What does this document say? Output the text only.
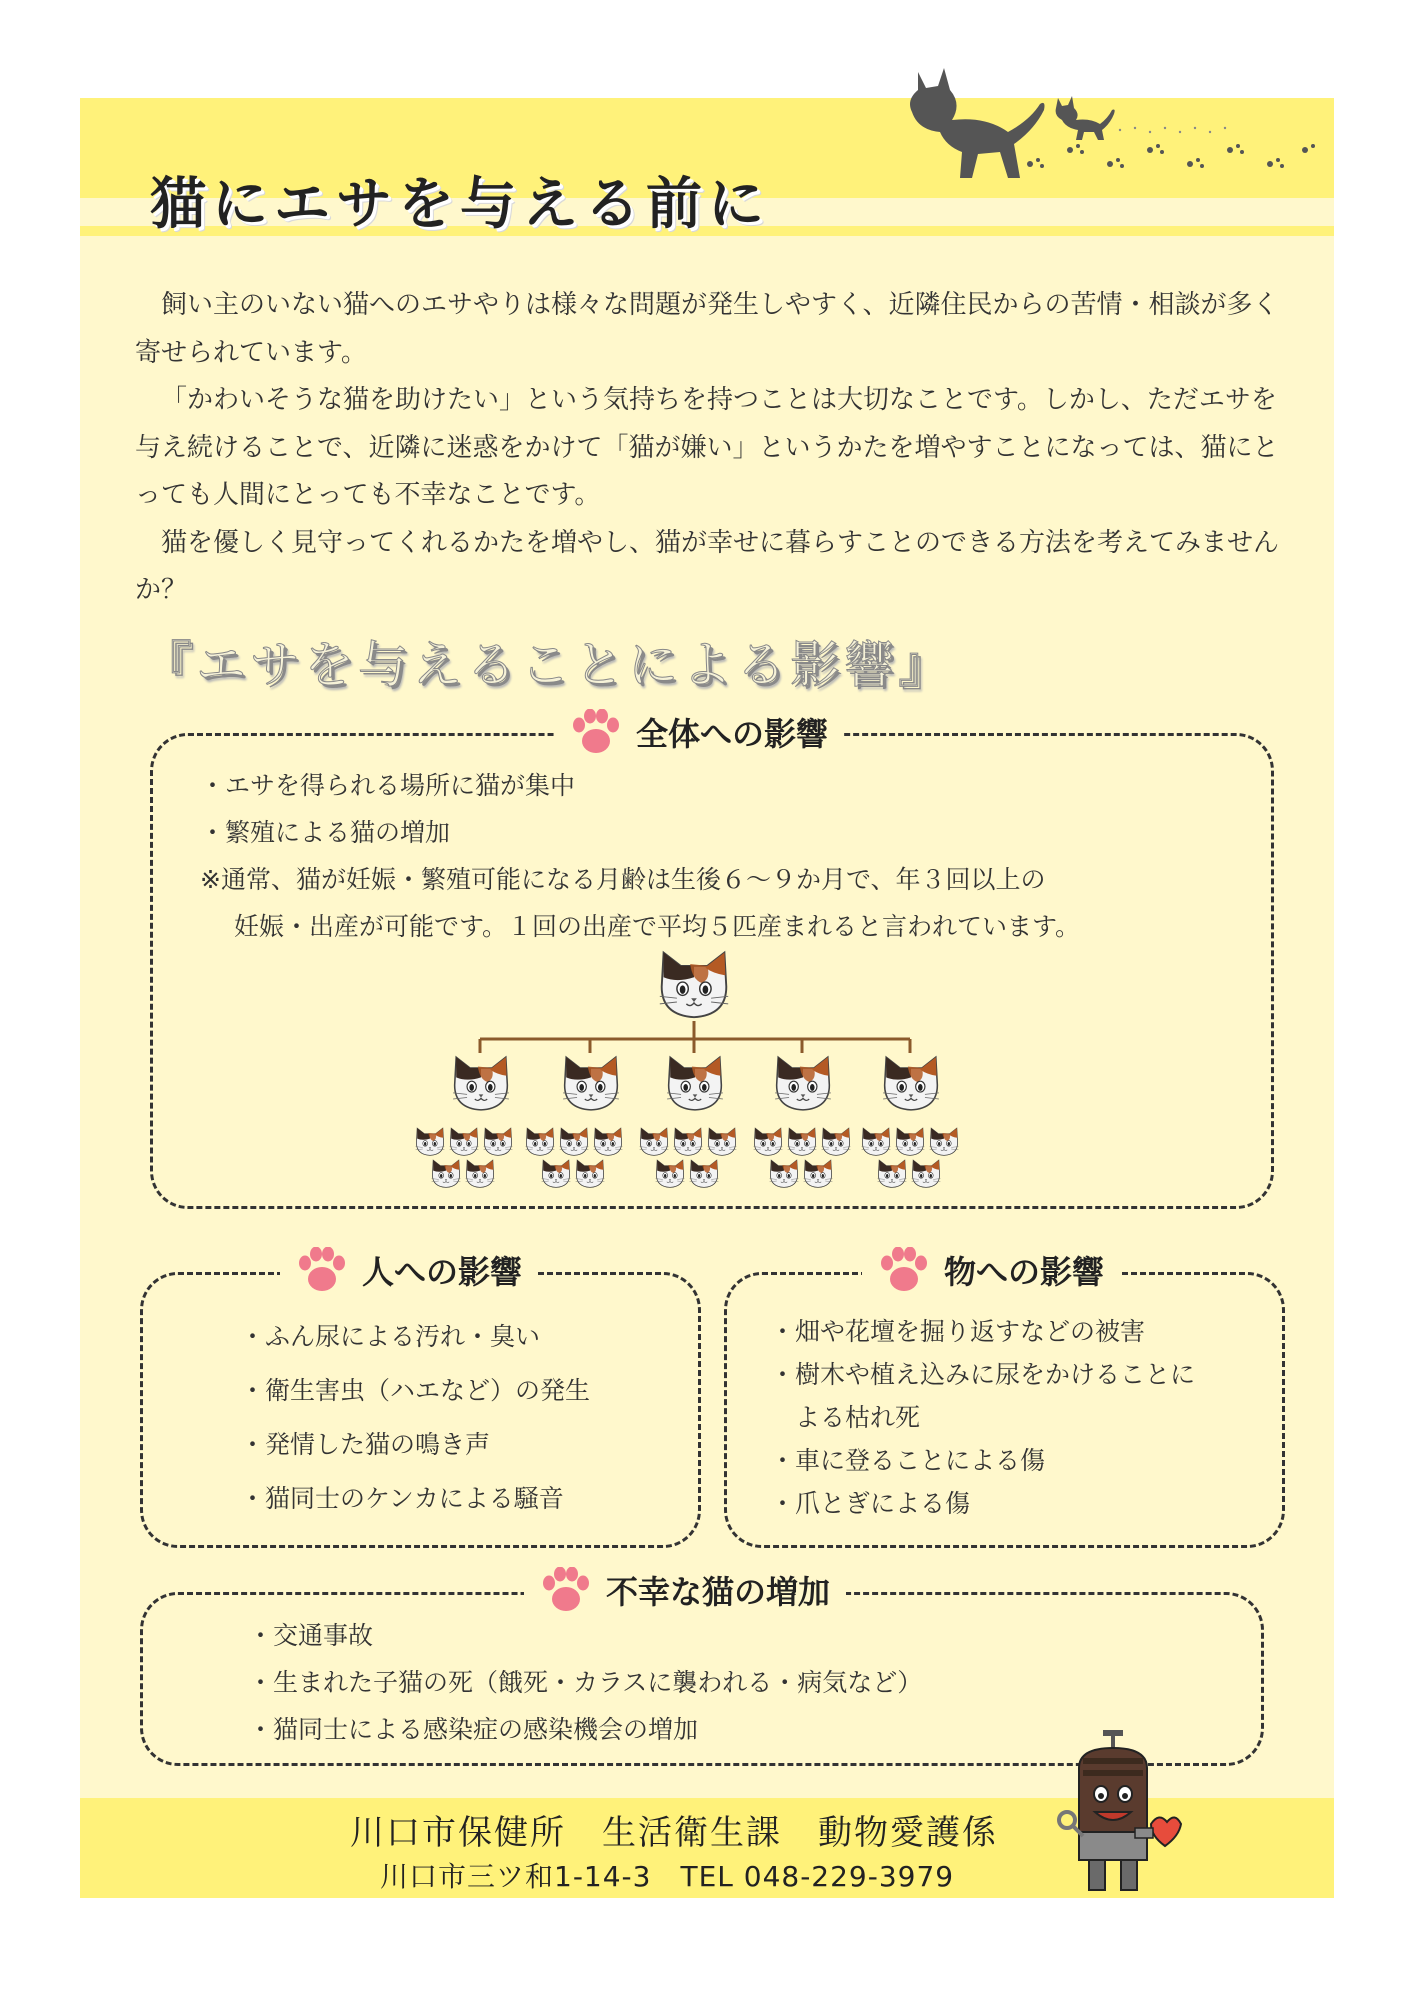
猫にエサを与える前に

飼い主のいない猫へのエサやりは様々な問題が発生しやすく、近隣住民からの苦情・相談が多く寄せられています。

「かわいそうな猫を助けたい」という気持ちを持つことは大切なことです。しかし、ただエサを与え続けることで、近隣に迷惑をかけて「猫が嫌い」というかたを増やすことになっては、猫にとっても人間にとっても不幸なことです。

猫を優しく見守ってくれるかたを増やし、猫が幸せに暮らすことのできる方法を考えてみませんか？

『エサを与えることによる影響』
全体への影響
・エサを得られる場所に猫が集中
・繁殖による猫の増加
※通常、猫が妊娠・繁殖可能になる月齢は生後６～９か月で、年３回以上の
妊娠・出産が可能です。１回の出産で平均５匹産まれると言われています。
人への影響
・ふん尿による汚れ・臭い
・衛生害虫（ハエなど）の発生
・発情した猫の鳴き声
・猫同士のケンカによる騒音
物への影響
・畑や花壇を掘り返すなどの被害
・樹木や植え込みに尿をかけることに
　よる枯れ死
・車に登ることによる傷
・爪とぎによる傷
不幸な猫の増加
・交通事故
・生まれた子猫の死（餓死・カラスに襲われる・病気など）
・猫同士による感染症の感染機会の増加
川口市保健所　生活衛生課　動物愛護係
川口市三ツ和1-14-3　TEL 048-229-3979
